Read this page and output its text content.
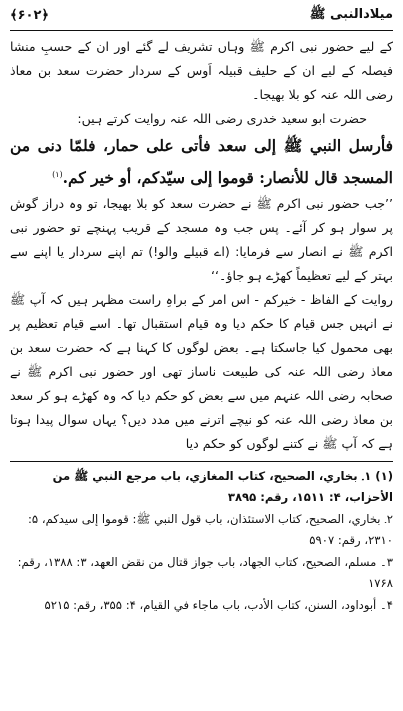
میلادالنبی ﷺ
﴾۶۰۲﴿

کے لیے حضور نبی اکرم ﷺ وہاں تشریف لے گئے اور ان کے حسبِ منشا فیصلہ کے لیے ان کے حلیف قبیلہ اَوس کے سردار حضرت سعد بن معاذ رضی اللہ عنہ کو بلا بھیجا۔

حضرت ابو سعید خدری رضی اللہ عنہ روایت کرتے ہیں:

فأرسل النبي ﷺ إلى سعد فأتى على حمار، فلمّا دنى من المسجد قال للأنصار: قوموا إلى سيّدكم، أو خير كم.$^{(۱)}$

’’جب حضور نبی اکرم ﷺ نے حضرت سعد کو بلا بھیجا، تو وہ دراز گوش پر سوار ہو کر آئے۔ پس جب وہ مسجد کے قریب پہنچے تو حضور نبی اکرم ﷺ نے انصار سے فرمایا: (اے قبیلے والو!) تم اپنے سردار یا اپنے سے بہتر کے لیے تعظیماً کھڑے ہو جاؤ۔‘‘

روایت کے الفاظ - خیرکم - اس امر کے براہِ راست مظہر ہیں کہ آپ ﷺ نے انہیں جس قیام کا حکم دیا وہ قیام استقبال تھا۔ اسے قیام تعظیم پر بھی محمول کیا جاسکتا ہے۔ بعض لوگوں کا کہنا ہے کہ حضرت سعد بن معاذ رضی اللہ عنہ کی طبیعت ناساز تھی اور حضور نبی اکرم ﷺ نے صحابہ رضی اللہ عنہم میں سے بعض کو حکم دیا کہ وہ کھڑے ہو کر سعد بن معاذ رضی اللہ عنہ کو نیچے اترنے میں مدد دیں؟ یہاں سوال پیدا ہوتا ہے کہ آپ ﷺ نے کتنے لوگوں کو حکم دیا

(۱) ۱۔ بخاري، الصحيح، كتاب المغازي، باب مرجع النبي ﷺ من الأحزاب، ۴: ۱۵۱۱، رقم: ۳۸۹۵

۲۔ بخاري، الصحيح، كتاب الاستئذان، باب قول النبي ﷺ: قوموا إلى سيدكم، ۵: ۲۳۱۰، رقم: ۵۹۰۷

۳۔ مسلم، الصحيح، كتاب الجهاد، باب جواز قتال من نقض العهد، ۳: ۱۳۸۸، رقم: ۱۷۶۸

۴۔ أبوداود، السنن، كتاب الأدب، باب ماجاء في القيام، ۴: ۳۵۵، رقم: ۵۲۱۵
